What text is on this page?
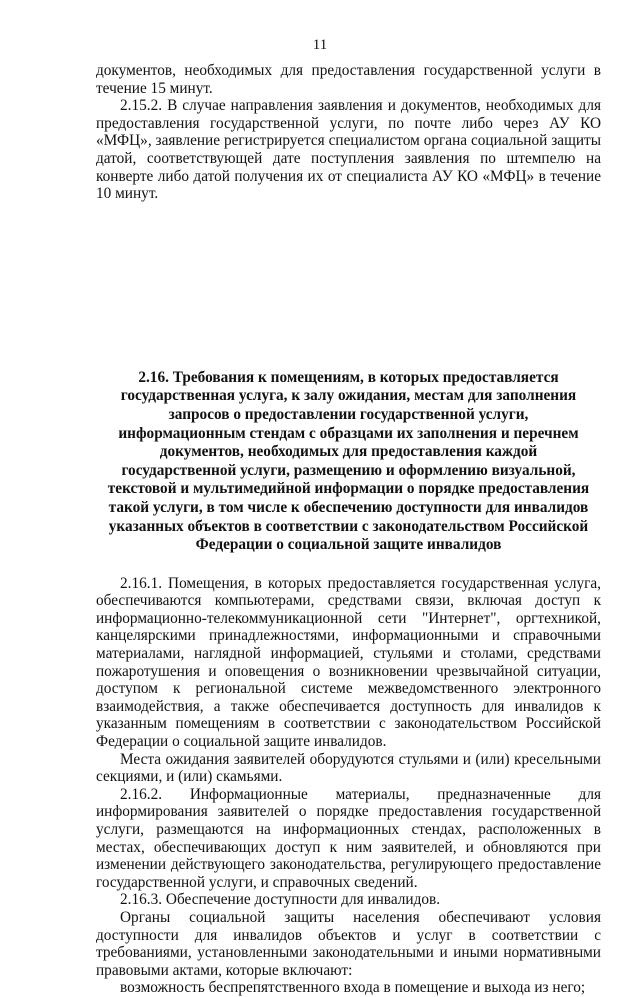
11

документов, необходимых для предоставления государственной услуги в течение 15 минут.

2.15.2. В случае направления заявления и документов, необходимых для предоставления государственной услуги, по почте либо через АУ КО «МФЦ», заявление регистрируется специалистом органа социальной защиты датой, соответствующей дате поступления заявления по штемпелю на конверте либо датой получения их от специалиста АУ КО «МФЦ» в течение 10 минут.

2.16. Требования к помещениям, в которых предоставляется государственная услуга, к залу ожидания, местам для заполнения запросов о предоставлении государственной услуги, информационным стендам с образцами их заполнения и перечнем документов, необходимых для предоставления каждой государственной услуги, размещению и оформлению визуальной, текстовой и мультимедийной информации о порядке предоставления такой услуги, в том числе к обеспечению доступности для инвалидов указанных объектов в соответствии с законодательством Российской Федерации о социальной защите инвалидов

2.16.1. Помещения, в которых предоставляется государственная услуга, обеспечиваются компьютерами, средствами связи, включая доступ к информационно-телекоммуникационной сети "Интернет", оргтехникой, канцелярскими принадлежностями, информационными и справочными материалами, наглядной информацией, стульями и столами, средствами пожаротушения и оповещения о возникновении чрезвычайной ситуации, доступом к региональной системе межведомственного электронного взаимодействия, а также обеспечивается доступность для инвалидов к указанным помещениям в соответствии с законодательством Российской Федерации о социальной защите инвалидов.

Места ожидания заявителей оборудуются стульями и (или) кресельными секциями, и (или) скамьями.

2.16.2. Информационные материалы, предназначенные для информирования заявителей о порядке предоставления государственной услуги, размещаются на информационных стендах, расположенных в местах, обеспечивающих доступ к ним заявителей, и обновляются при изменении действующего законодательства, регулирующего предоставление государственной услуги, и справочных сведений.

2.16.3. Обеспечение доступности для инвалидов.

Органы социальной защиты населения обеспечивают условия доступности для инвалидов объектов и услуг в соответствии с требованиями, установленными законодательными и иными нормативными правовыми актами, которые включают:

возможность беспрепятственного входа в помещение и выхода из него;
